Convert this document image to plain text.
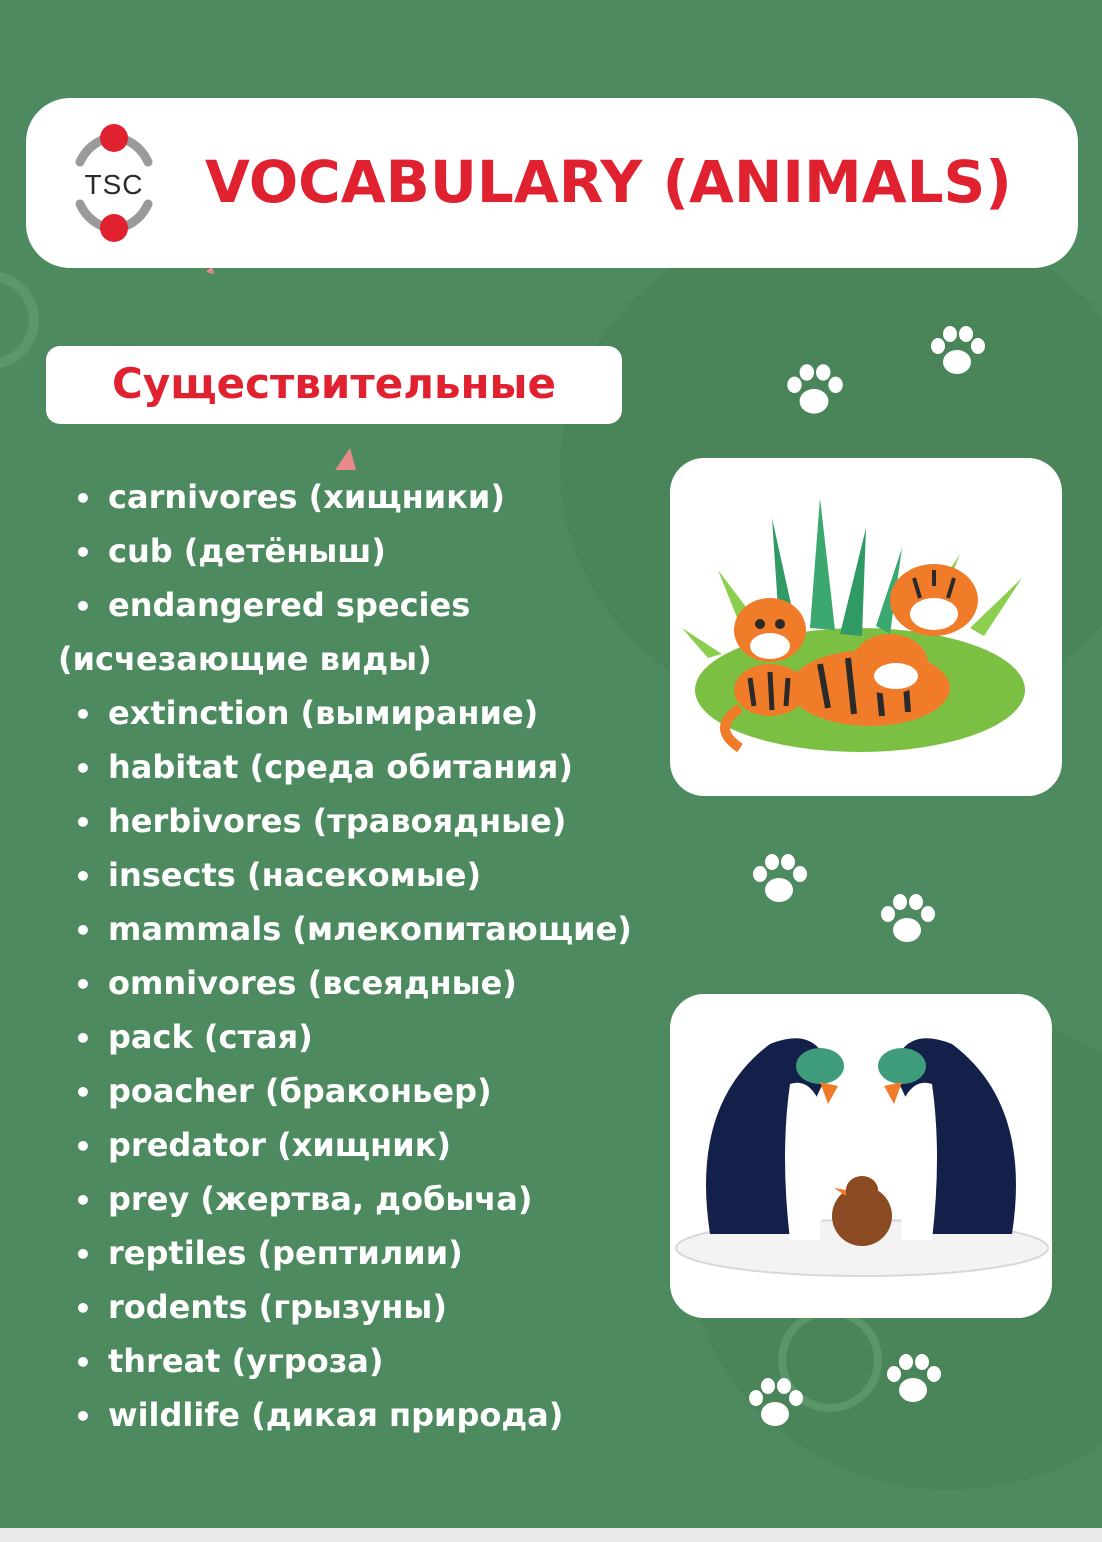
TSC	VOCABULARY (ANIMALS)
Существительные
• carnivores (хищники)
• cub (детёныш)
• endangered species
(исчезающие виды)
• extinction (вымирание)
• habitat (среда обитания)
• herbivores (травоядные)
• insects (насекомые)
• mammals (млекопитающие)
• omnivores (всеядные)
• pack (стая)
• poacher (браконьер)
• predator (хищник)
• prey (жертва, добыча)
• reptiles (рептилии)
• rodents (грызуны)
• threat (угроза)
• wildlife (дикая природа)
